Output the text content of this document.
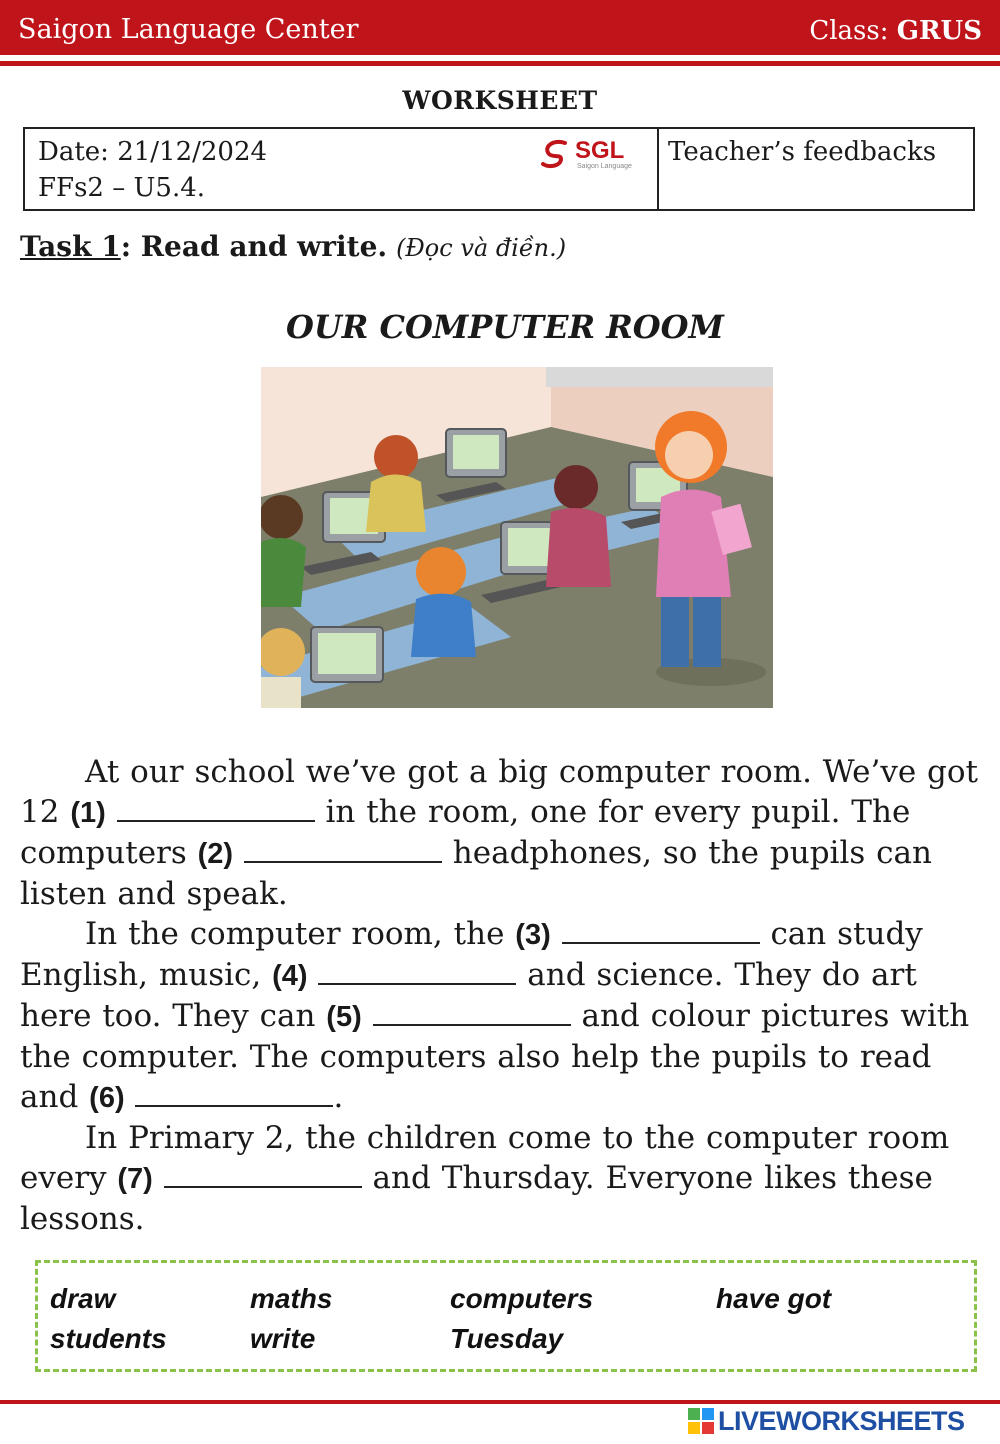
Saigon Language Center	Class: GRUS
WORKSHEET
Date: 21/12/2024
FFs2 – U5.4.
SGL
Saigon Language Teacher’s feedbacks
Task 1: Read and write. (Đọc và điền.)
OUR COMPUTER ROOM

At our school we’ve got a big computer room. We’ve got 12 (1)	in the room, one for every pupil. The computers (2)	headphones, so the pupils can listen and speak.

In the computer room, the (3)	can study English, music, (4)	and science. They do art here too. They can (5)	and colour pictures with the computer. The computers also help the pupils to read and (6)	.

In Primary 2, the children come to the computer room every (7)	and Thursday. Everyone likes these lessons.

draw	maths	computers	have got
students	write	Tuesday
LIVEWORKSHEETS
